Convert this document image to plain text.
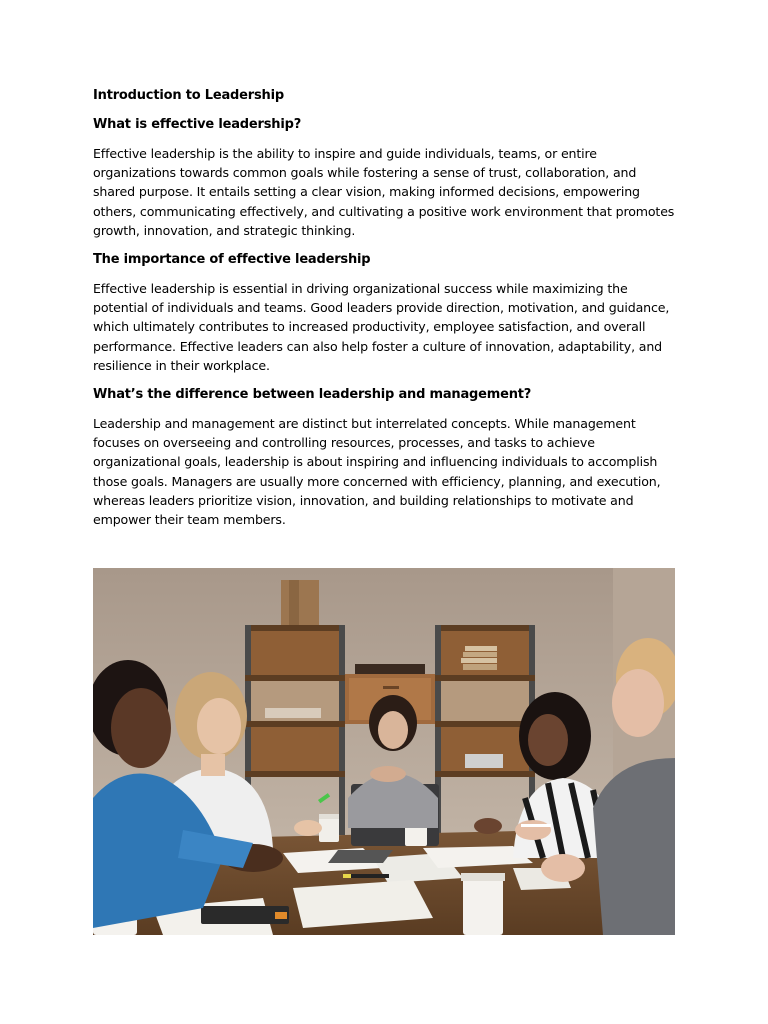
Introduction to Leadership
What is effective leadership?

Effective leadership is the ability to inspire and guide individuals, teams, or entire organizations towards common goals while fostering a sense of trust, collaboration, and shared purpose. It entails setting a clear vision, making informed decisions, empowering others, communicating effectively, and cultivating a positive work environment that promotes growth, innovation, and strategic thinking.

The importance of effective leadership

Effective leadership is essential in driving organizational success while maximizing the potential of individuals and teams. Good leaders provide direction, motivation, and guidance, which ultimately contributes to increased productivity, employee satisfaction, and overall performance. Effective leaders can also help foster a culture of innovation, adaptability, and resilience in their workplace.

What’s the difference between leadership and management?

Leadership and management are distinct but interrelated concepts. While management focuses on overseeing and controlling resources, processes, and tasks to achieve organizational goals, leadership is about inspiring and influencing individuals to accomplish those goals. Managers are usually more concerned with efficiency, planning, and execution, whereas leaders prioritize vision, innovation, and building relationships to motivate and empower their team members.
